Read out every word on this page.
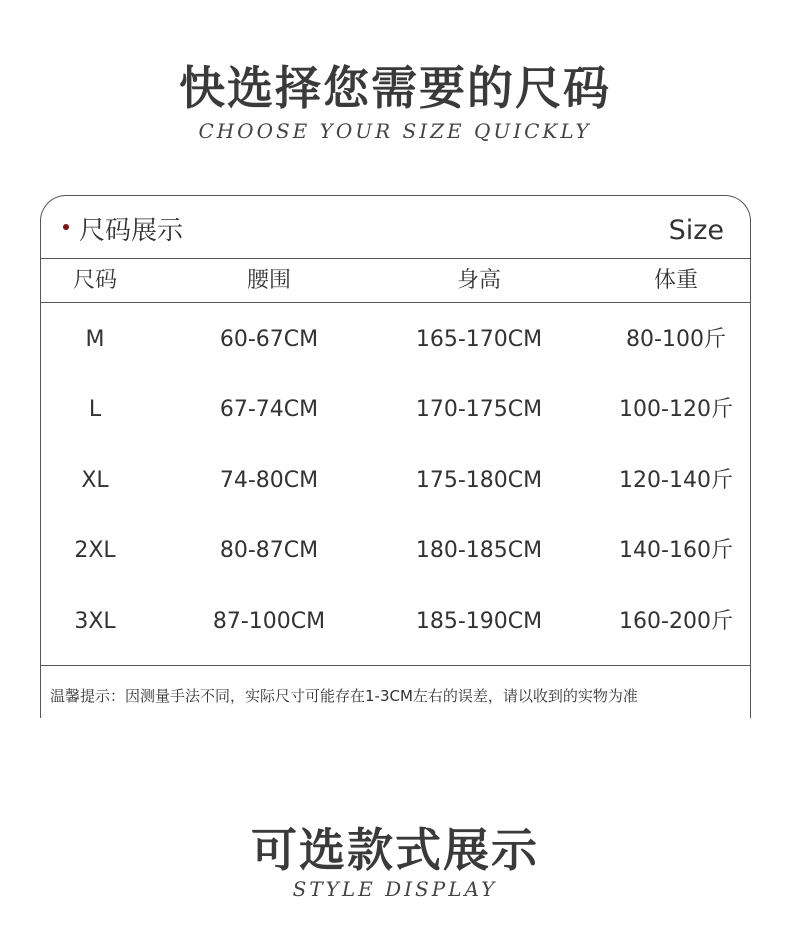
快选择您需要的尺码
CHOOSE YOUR SIZE QUICKLY
尺码展示	Size
尺码	腰围	身高	体重
M	60-67CM	165-170CM	80-100斤
L	67-74CM	170-175CM	100-120斤
XL	74-80CM	175-180CM	120-140斤
2XL	80-87CM	180-185CM	140-160斤
3XL	87-100CM	185-190CM	160-200斤
温馨提示：因测量手法不同，实际尺寸可能存在1-3CM左右的误差，请以收到的实物为准
可选款式展示
STYLE DISPLAY
